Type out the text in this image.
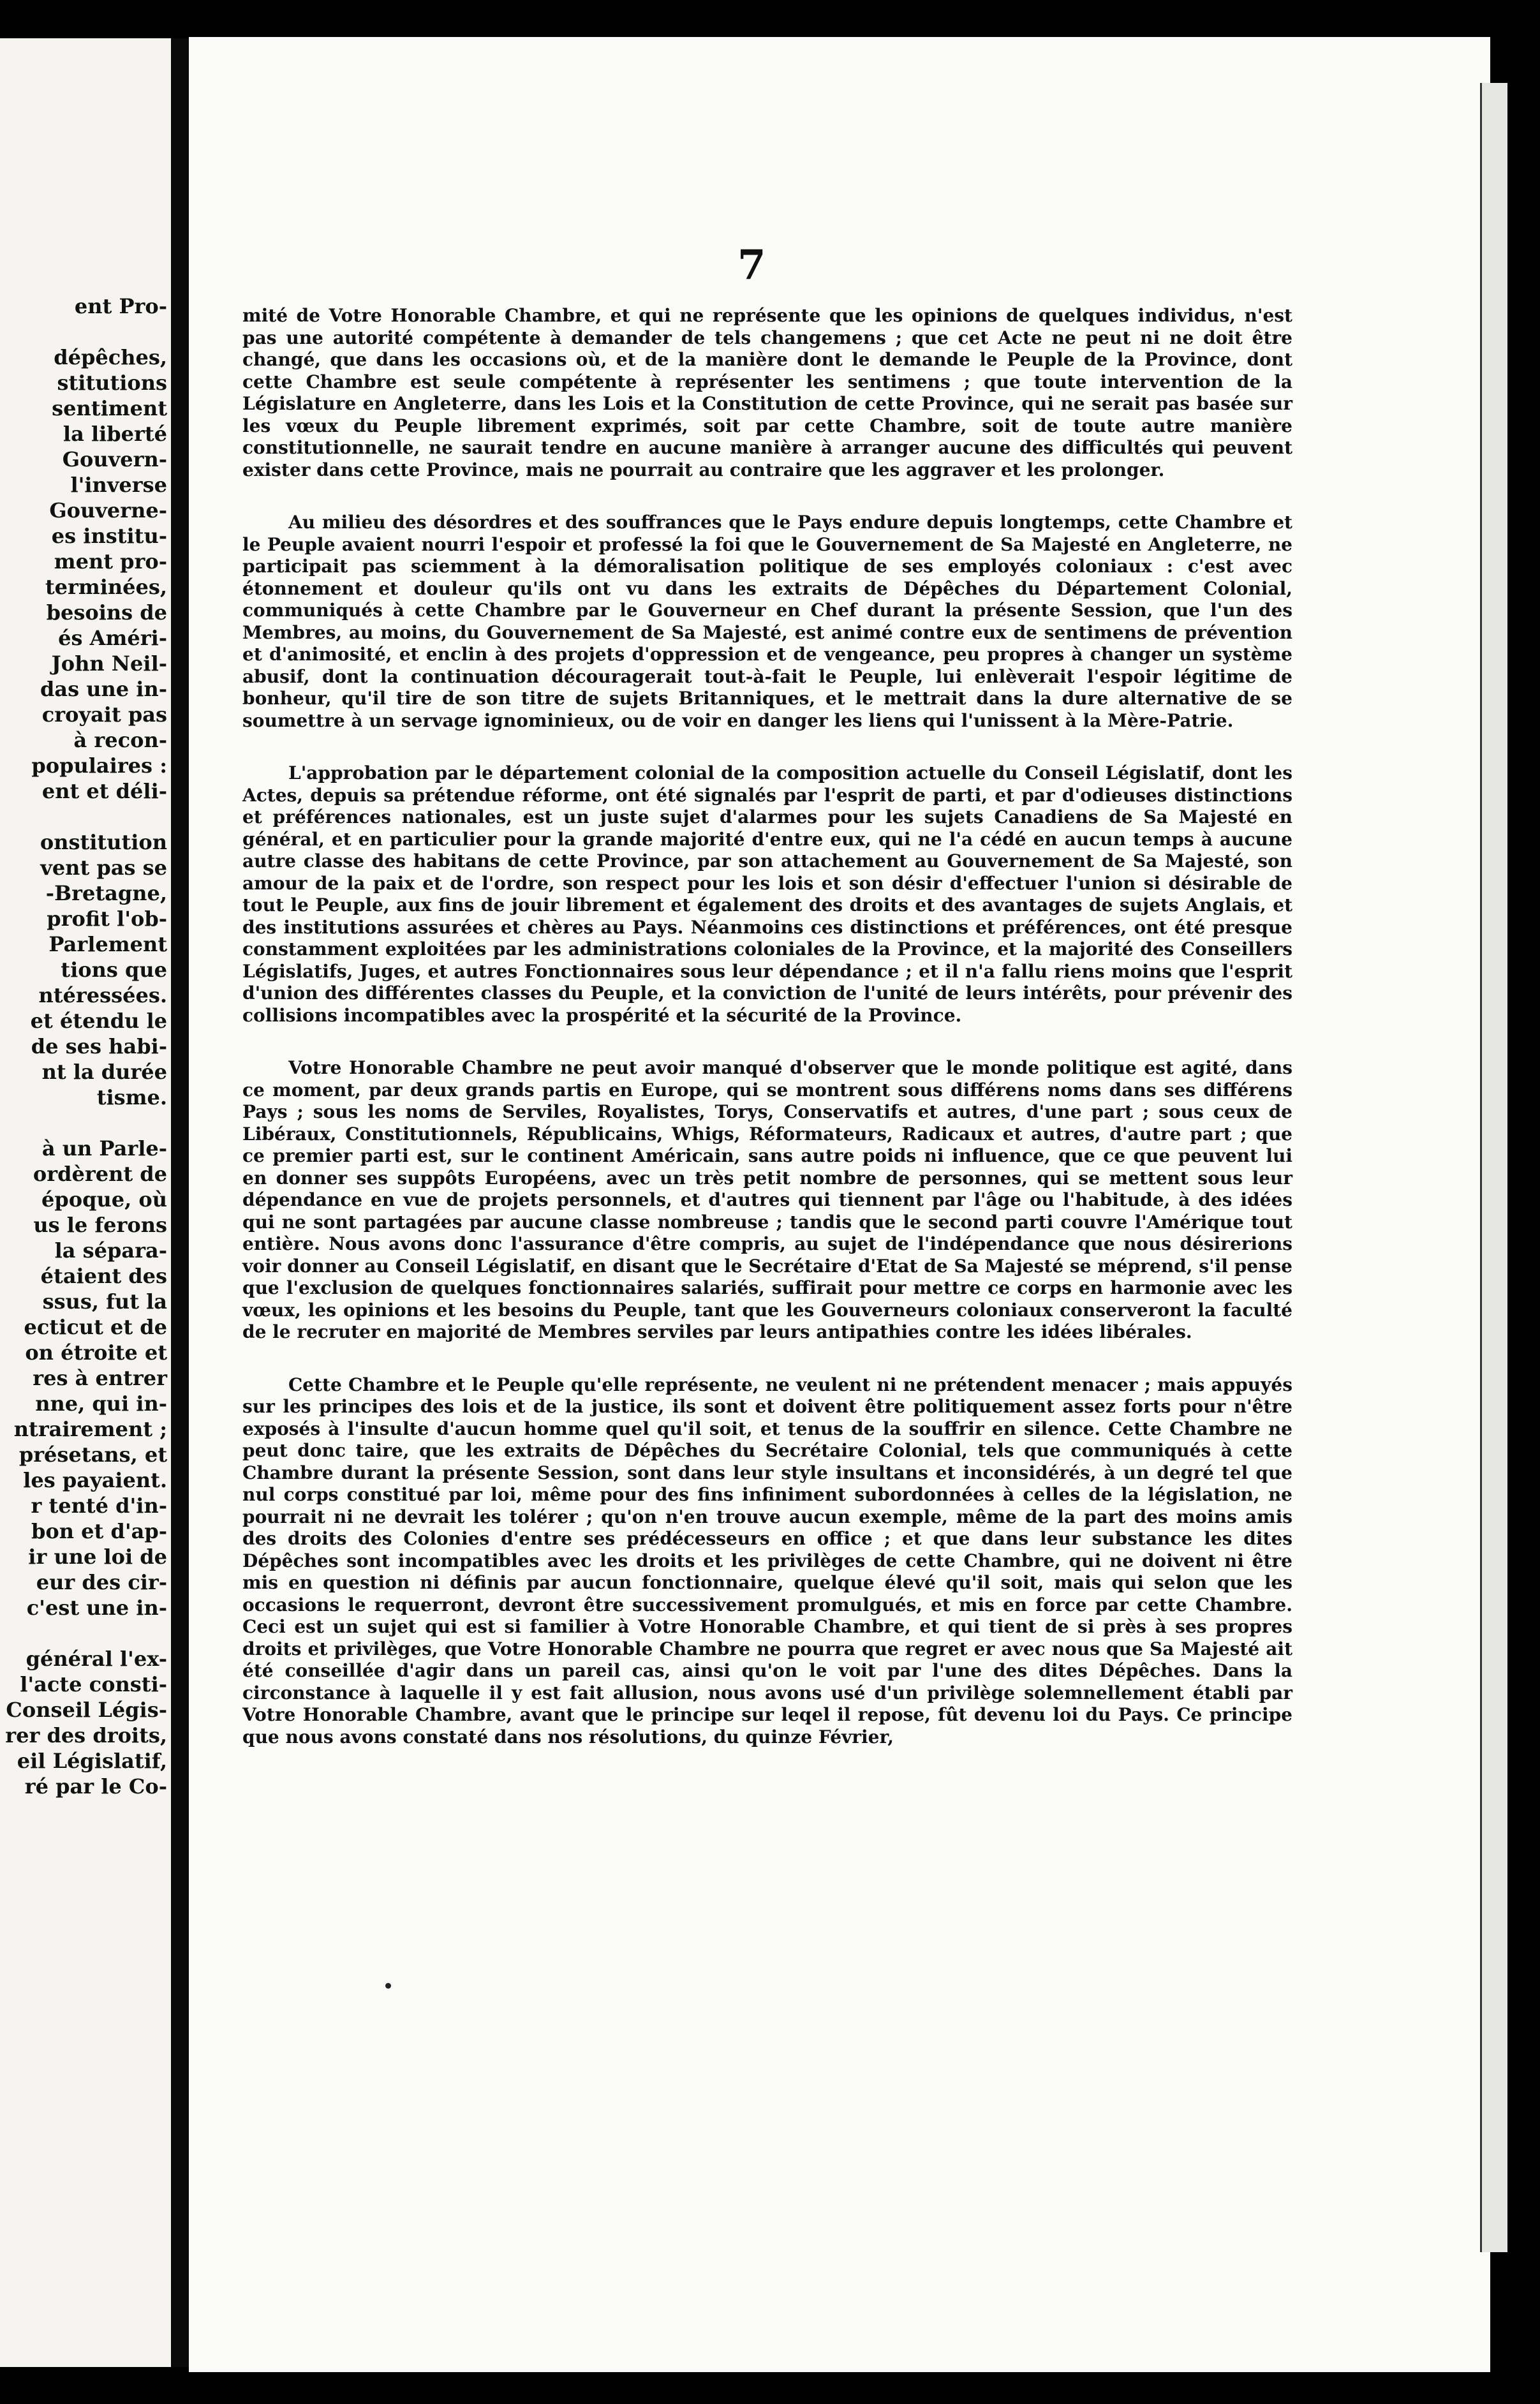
ent Pro-
dépêches,
stitutions
sentiment
la liberté
Gouvern-
l'inverse
Gouverne-
es institu-
ment pro-
terminées,
besoins de
és Améri-
John Neil-
das une in-
croyait pas
à recon-
populaires :
ent et déli-
onstitution
vent pas se
-Bretagne,
profit l'ob-
Parlement
tions que
ntéressées.
et étendu le
de ses habi-
nt la durée
tisme.
à un Parle-
ordèrent de
époque, où
us le ferons
la sépara-
étaient des
ssus, fut la
ecticut et de
on étroite et
res à entrer
nne, qui in-
ntrairement ;
présetans, et
les payaient.
r tenté d'in-
bon et d'ap-
ir une loi de
eur des cir-
c'est une in-
général l'ex-
l'acte consti-
Conseil Légis-
rer des droits,
eil Législatif,
ré par le Co-
7

mité de Votre Honorable Chambre, et qui ne représente que les opinions de quelques individus, n'est pas une autorité compétente à demander de tels changemens ; que cet Acte ne peut ni ne doit être changé, que dans les occasions où, et de la manière dont le demande le Peuple de la Province, dont cette Chambre est seule compétente à représenter les sentimens ; que toute intervention de la Législature en Angleterre, dans les Lois et la Constitution de cette Province, qui ne serait pas basée sur les vœux du Peuple librement exprimés, soit par cette Chambre, soit de toute autre manière constitutionnelle, ne saurait tendre en aucune manière à arranger aucune des difficultés qui peuvent exister dans cette Province, mais ne pourrait au contraire que les aggraver et les prolonger.

Au milieu des désordres et des souffrances que le Pays endure depuis longtemps, cette Chambre et le Peuple avaient nourri l'espoir et professé la foi que le Gouvernement de Sa Majesté en Angleterre, ne participait pas sciemment à la démoralisation politique de ses employés coloniaux : c'est avec étonnement et douleur qu'ils ont vu dans les extraits de Dépêches du Département Colonial, communiqués à cette Chambre par le Gouverneur en Chef durant la présente Session, que l'un des Membres, au moins, du Gouvernement de Sa Majesté, est animé contre eux de sentimens de prévention et d'animosité, et enclin à des projets d'oppression et de vengeance, peu propres à changer un système abusif, dont la continuation découragerait tout-à-fait le Peuple, lui enlèverait l'espoir légitime de bonheur, qu'il tire de son titre de sujets Britanniques, et le mettrait dans la dure alternative de se soumettre à un servage ignominieux, ou de voir en danger les liens qui l'unissent à la Mère-Patrie.

L'approbation par le département colonial de la composition actuelle du Conseil Législatif, dont les Actes, depuis sa prétendue réforme, ont été signalés par l'esprit de parti, et par d'odieuses distinctions et préférences nationales, est un juste sujet d'alarmes pour les sujets Canadiens de Sa Majesté en général, et en particulier pour la grande majorité d'entre eux, qui ne l'a cédé en aucun temps à aucune autre classe des habitans de cette Province, par son attachement au Gouvernement de Sa Majesté, son amour de la paix et de l'ordre, son respect pour les lois et son désir d'effectuer l'union si désirable de tout le Peuple, aux fins de jouir librement et également des droits et des avantages de sujets Anglais, et des institutions assurées et chères au Pays. Néanmoins ces distinctions et préférences, ont été presque constamment exploitées par les administrations coloniales de la Province, et la majorité des Conseillers Législatifs, Juges, et autres Fonctionnaires sous leur dépendance ; et il n'a fallu riens moins que l'esprit d'union des différentes classes du Peuple, et la conviction de l'unité de leurs intérêts, pour prévenir des collisions incompatibles avec la prospérité et la sécurité de la Province.

Votre Honorable Chambre ne peut avoir manqué d'observer que le monde politique est agité, dans ce moment, par deux grands partis en Europe, qui se montrent sous différens noms dans ses différens Pays ; sous les noms de Serviles, Royalistes, Torys, Conservatifs et autres, d'une part ; sous ceux de Libéraux, Constitutionnels, Républicains, Whigs, Réformateurs, Radicaux et autres, d'autre part ; que ce premier parti est, sur le continent Américain, sans autre poids ni influence, que ce que peuvent lui en donner ses suppôts Européens, avec un très petit nombre de personnes, qui se mettent sous leur dépendance en vue de projets personnels, et d'autres qui tiennent par l'âge ou l'habitude, à des idées qui ne sont partagées par aucune classe nombreuse ; tandis que le second parti couvre l'Amérique tout entière. Nous avons donc l'assurance d'être compris, au sujet de l'indépendance que nous désirerions voir donner au Conseil Législatif, en disant que le Secrétaire d'Etat de Sa Majesté se méprend, s'il pense que l'exclusion de quelques fonctionnaires salariés, suffirait pour mettre ce corps en harmonie avec les vœux, les opinions et les besoins du Peuple, tant que les Gouverneurs coloniaux conserveront la faculté de le recruter en majorité de Membres serviles par leurs antipathies contre les idées libérales.

Cette Chambre et le Peuple qu'elle représente, ne veulent ni ne prétendent menacer ; mais appuyés sur les principes des lois et de la justice, ils sont et doivent être politiquement assez forts pour n'être exposés à l'insulte d'aucun homme quel qu'il soit, et tenus de la souffrir en silence. Cette Chambre ne peut donc taire, que les extraits de Dépêches du Secrétaire Colonial, tels que communiqués à cette Chambre durant la présente Session, sont dans leur style insultans et inconsidérés, à un degré tel que nul corps constitué par loi, même pour des fins infiniment subordonnées à celles de la législation, ne pourrait ni ne devrait les tolérer ; qu'on n'en trouve aucun exemple, même de la part des moins amis des droits des Colonies d'entre ses prédécesseurs en office ; et que dans leur substance les dites Dépêches sont incompatibles avec les droits et les privilèges de cette Chambre, qui ne doivent ni être mis en question ni définis par aucun fonctionnaire, quelque élevé qu'il soit, mais qui selon que les occasions le requerront, devront être successivement promulgués, et mis en force par cette Chambre. Ceci est un sujet qui est si familier à Votre Honorable Chambre, et qui tient de si près à ses propres droits et privilèges, que Votre Honorable Chambre ne pourra que regret er avec nous que Sa Majesté ait été conseillée d'agir dans un pareil cas, ainsi qu'on le voit par l'une des dites Dépêches. Dans la circonstance à laquelle il y est fait allusion, nous avons usé d'un privilège solemnellement établi par Votre Honorable Chambre, avant que le principe sur leqel il repose, fût devenu loi du Pays. Ce principe que nous avons constaté dans nos résolutions, du quinze Février,
